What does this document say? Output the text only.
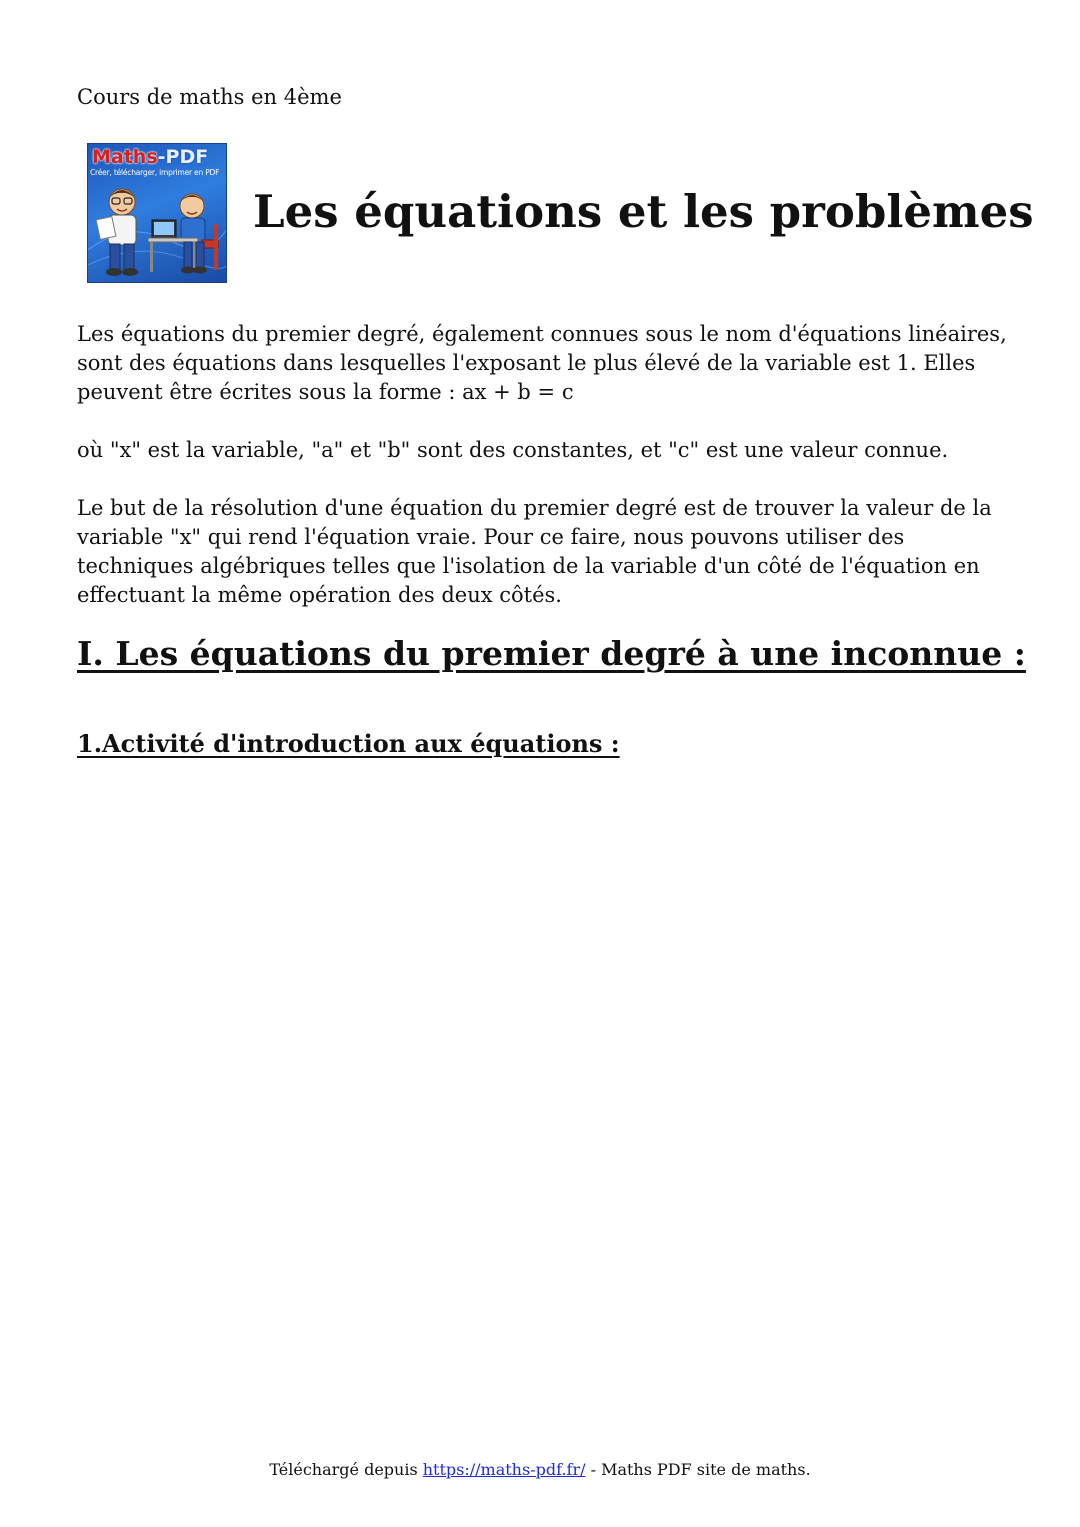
Cours de maths en 4ème
Maths-PDF
Créer, télécharger, imprimer en PDF
Les équations et les problèmes

Les équations du premier degré, également connues sous le nom d'équations linéaires, sont des équations dans lesquelles l'exposant le plus élevé de la variable est 1. Elles peuvent être écrites sous la forme : ax + b = c

où "x" est la variable, "a" et "b" sont des constantes, et "c" est une valeur connue.

Le but de la résolution d'une équation du premier degré est de trouver la valeur de la variable "x" qui rend l'équation vraie. Pour ce faire, nous pouvons utiliser des techniques algébriques telles que l'isolation de la variable d'un côté de l'équation en effectuant la même opération des deux côtés.

I. Les équations du premier degré à une inconnue :
1.Activité d'introduction aux équations :
Téléchargé depuis https://maths-pdf.fr/ - Maths PDF site de maths.
